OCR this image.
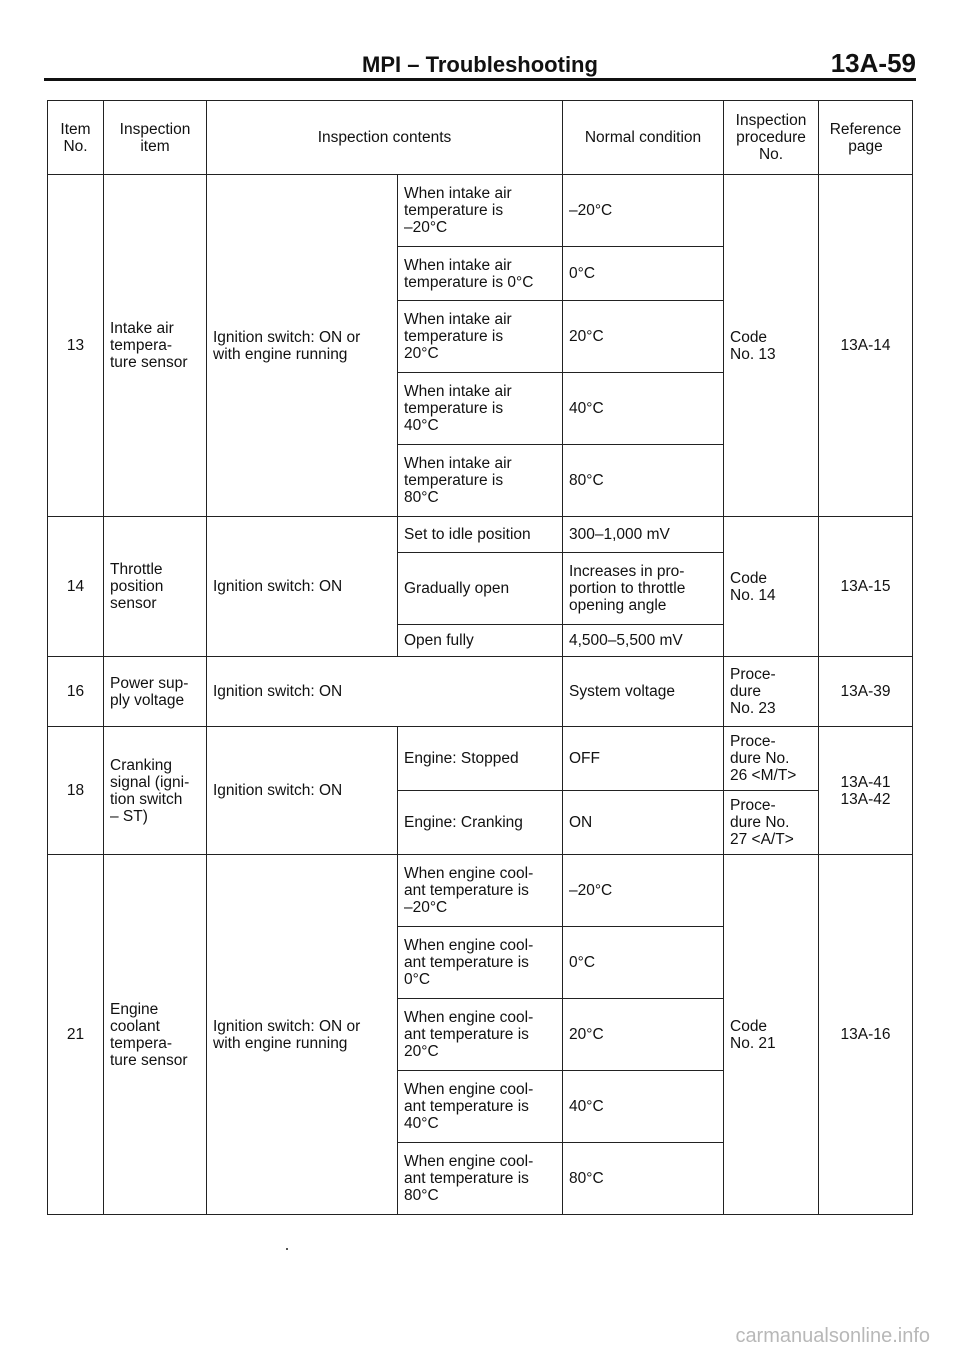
MPI – Troubleshooting	13A-59
Item
No.	Inspection
item	Inspection contents		Normal condition	Inspection
procedure
No.	Reference
page
13	Intake air
tempera-
ture sensor	Ignition switch: ON or
with engine running	When intake air
temperature is
–20°C	–20°C	Code
No. 13	13A-14
			When intake air
temperature is 0°C	0°C		
			When intake air
temperature is
20°C	20°C		
			When intake air
temperature is
40°C	40°C		
			When intake air
temperature is
80°C	80°C		
14	Throttle
position
sensor	Ignition switch: ON	Set to idle position	300–1,000 mV	Code
No. 14	13A-15
			Gradually open	Increases in pro-
portion to throttle
opening angle		
			Open fully	4,500–5,500 mV		
16	Power sup-
ply voltage	Ignition switch: ON		System voltage	Proce-
dure
No. 23	13A-39
18	Cranking
signal (igni-
tion switch
– ST)	Ignition switch: ON	Engine: Stopped	OFF	Proce-
dure No.
26 <M/T>	13A-41
13A-42
			Engine: Cranking	ON	Proce-
dure No.
27 <A/T>	
21	Engine
coolant
tempera-
ture sensor	Ignition switch: ON or
with engine running	When engine cool-
ant temperature is
–20°C	–20°C	Code
No. 21	13A-16
			When engine cool-
ant temperature is
0°C	0°C		
			When engine cool-
ant temperature is
20°C	20°C		
			When engine cool-
ant temperature is
40°C	40°C		
			When engine cool-
ant temperature is
80°C	80°C		
carmanualsonline.info
